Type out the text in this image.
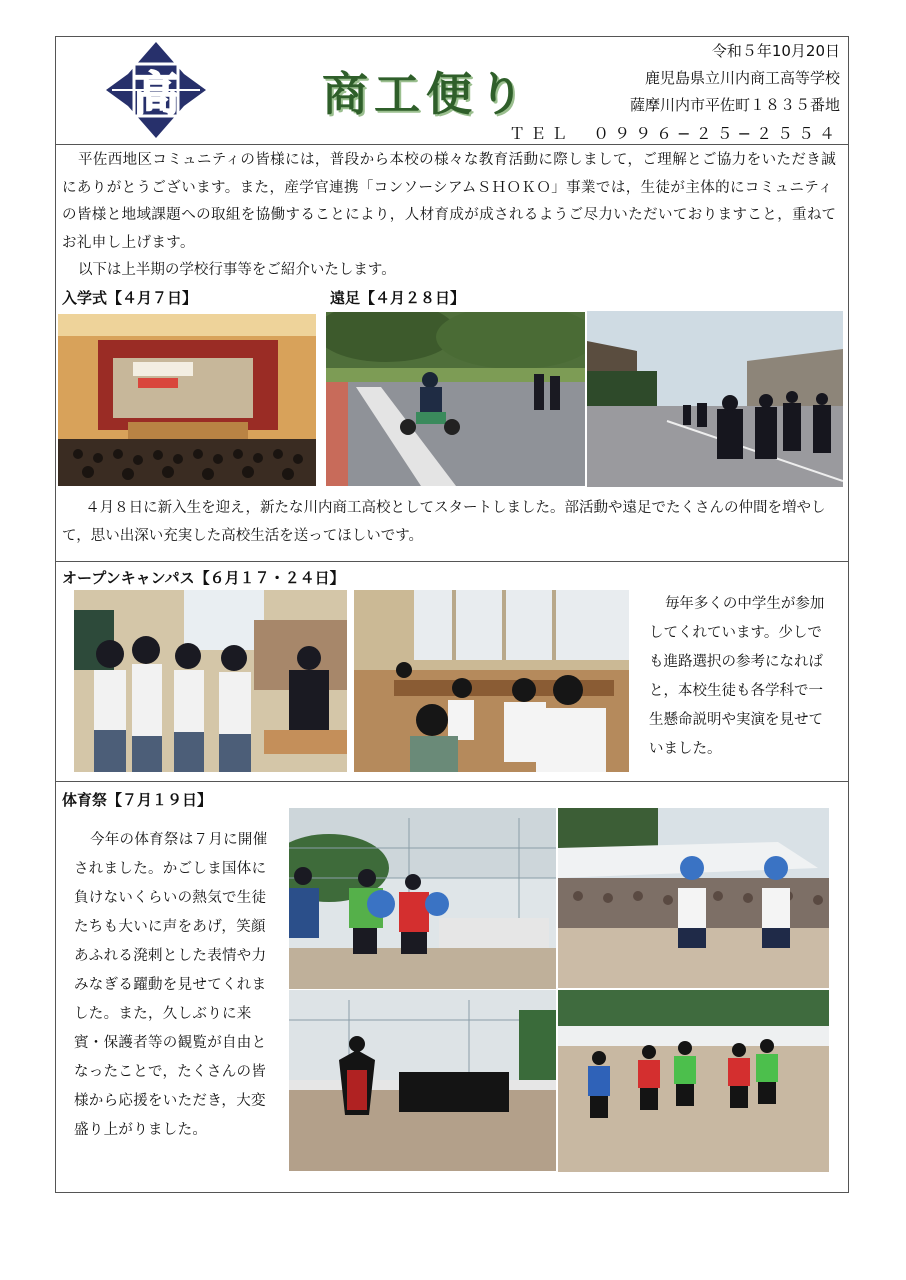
高	商工便り
令和５年10月20日
鹿児島県立川内商工高等学校
薩摩川内市平佐町１８３５番地
ＴＥＬ　０９９６−２５−２５５４
平佐西地区コミュニティの皆様には，普段から本校の様々な教育活動に際しまして，ご理解とご協力をいただき誠にありがとうございます。また，産学官連携「コンソーシアムＳＨＯＫＯ」事業では，生徒が主体的にコミュニティの皆様と地域課題への取組を協働することにより，人材育成が成されるようご尽力いただいておりますこと，重ねてお礼申し上げます。
以下は上半期の学校行事等をご紹介いたします。
入学式【４月７日】	遠足【４月２８日】
４月８日に新入生を迎え，新たな川内商工高校としてスタートしました。部活動や遠足でたくさんの仲間を増やして，思い出深い充実した高校生活を送ってほしいです。
オープンキャンパス【６月１７・２４日】
毎年多くの中学生が参加してくれています。少しでも進路選択の参考になればと，本校生徒も各学科で一生懸命説明や実演を見せていました。
体育祭【７月１９日】
今年の体育祭は７月に開催されました。かごしま国体に負けないくらいの熱気で生徒たちも大いに声をあげ，笑顔あふれる溌剌とした表情や力みなぎる躍動を見せてくれました。また，久しぶりに来賓・保護者等の観覧が自由となったことで，たくさんの皆様から応援をいただき，大変盛り上がりました。
